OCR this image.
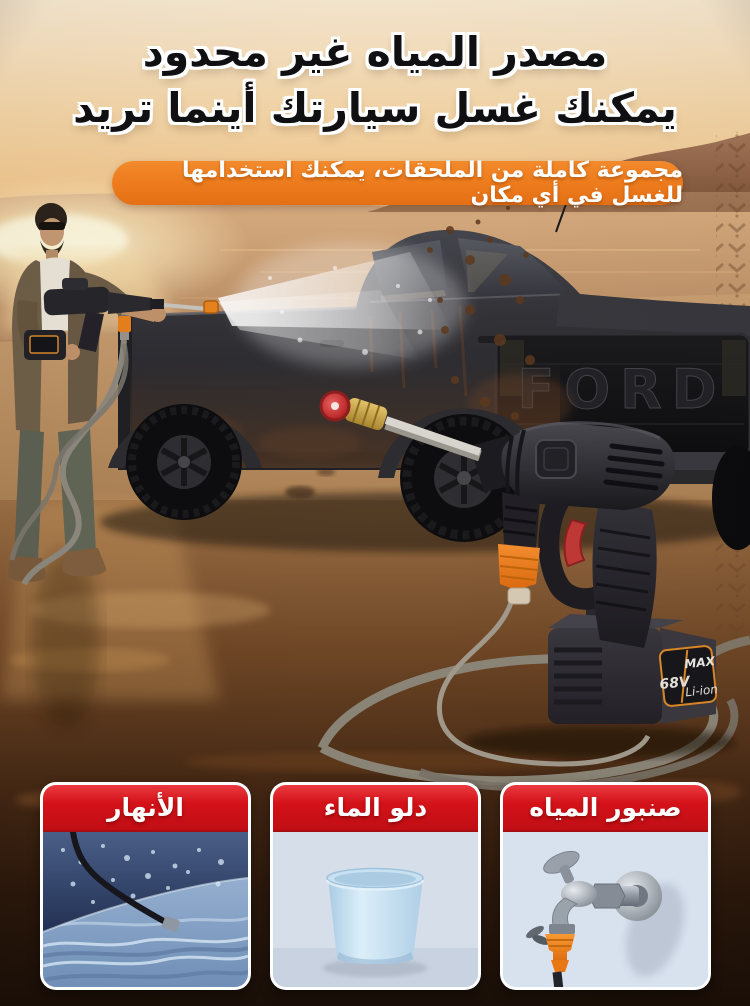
مصدر المياه غير محدود
يمكنك غسل سيارتك أينما تريد
مجموعة كاملة من الملحقات، يمكنك استخدامها للغسل في أي مكان
الأنهار	دلو الماء	صنبور المياه
